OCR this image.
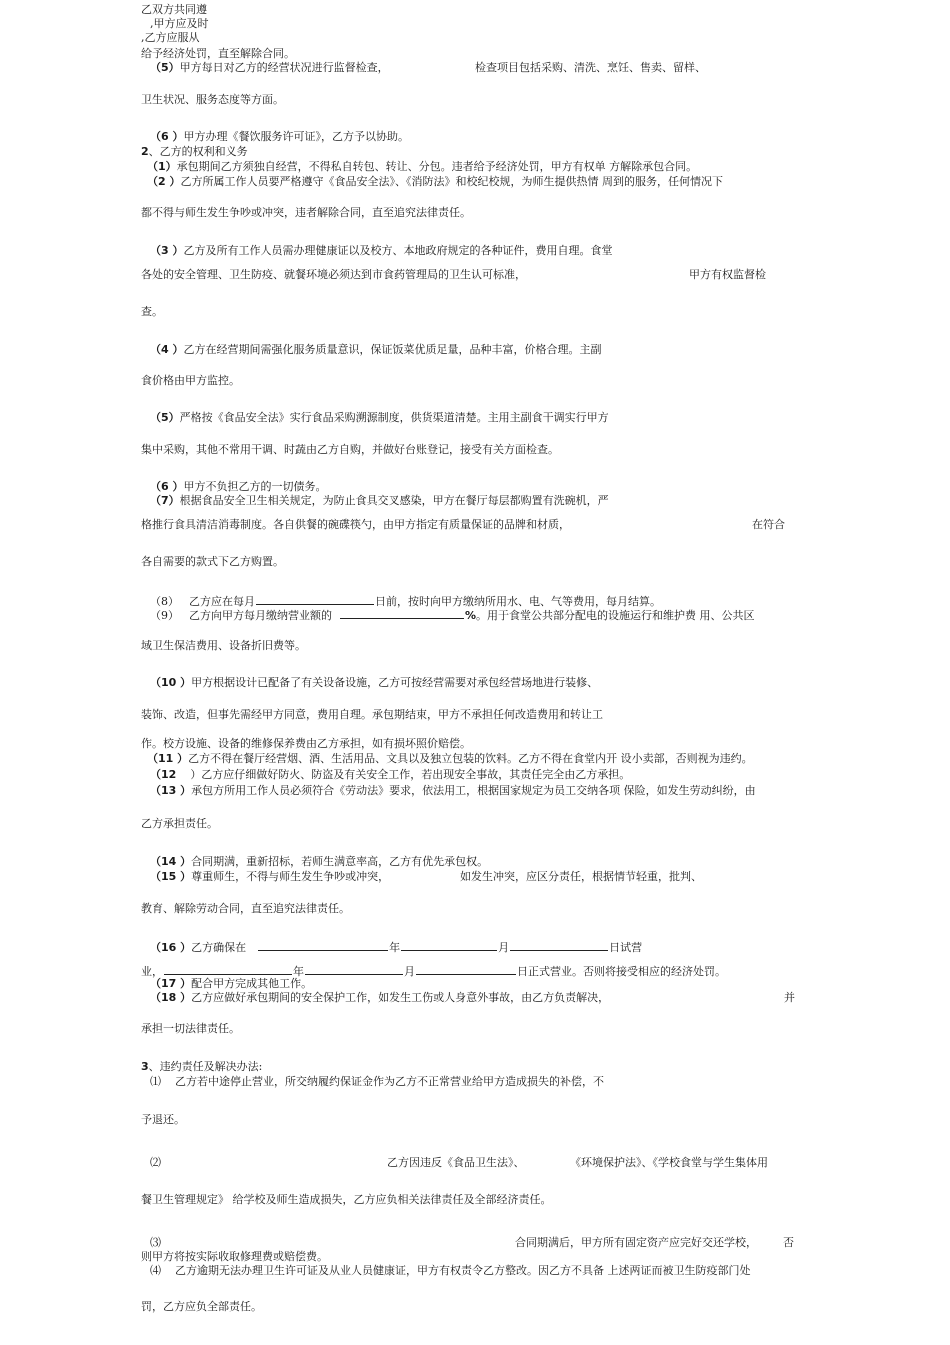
乙双方共同遵
,甲方应及时
,乙方应服从
给予经济处罚，直至解除合同。
（5）甲方每日对乙方的经营状况进行监督检查，	检查项目包括采购、清洗、烹饪、售卖、留样、
卫生状况、服务态度等方面。
（6 ）甲方办理《餐饮服务许可证》，乙方予以协助。
2、乙方的权利和义务
（1）承包期间乙方须独自经营，不得私自转包、转让、分包。违者给予经济处罚，甲方有权单 方解除承包合同。
（2 ）乙方所属工作人员要严格遵守《食品安全法》、《消防法》和校纪校规，为师生提供热情 周到的服务，任何情况下
都不得与师生发生争吵或冲突，违者解除合同，直至追究法律责任。
（3 ）乙方及所有工作人员需办理健康证以及校方、本地政府规定的各种证件，费用自理。食堂
各处的安全管理、卫生防疫、就餐环境必须达到市食药管理局的卫生认可标准，	甲方有权监督检
查。
（4 ）乙方在经营期间需强化服务质量意识，保证饭菜优质足量，品种丰富，价格合理。主副
食价格由甲方监控。
（5）严格按《食品安全法》实行食品采购溯源制度，供货渠道清楚。主用主副食干调实行甲方
集中采购，其他不常用干调、时蔬由乙方自购，并做好台账登记，接受有关方面检查。
（6 ）甲方不负担乙方的一切债务。
（7）根据食品安全卫生相关规定，为防止食具交叉感染，甲方在餐厅每层都购置有洗碗机，严
格推行食具清洁消毒制度。各自供餐的碗碟筷勺，由甲方指定有质量保证的品牌和材质，	在符合
各自需要的款式下乙方购置。
（8） 乙方应在每月	日前，按时向甲方缴纳所用水、电、气等费用，每月结算。
（9） 乙方向甲方每月缴纳营业额的	%。用于食堂公共部分配电的设施运行和维护费 用、公共区
域卫生保洁费用、设备折旧费等。
（10 ）甲方根据设计已配备了有关设备设施，乙方可按经营需要对承包经营场地进行装修、
装饰、改造，但事先需经甲方同意，费用自理。承包期结束，甲方不承担任何改造费用和转让工
作。校方设施、设备的维修保养费由乙方承担，如有损坏照价赔偿。
（11 ）乙方不得在餐厅经营烟、酒、生活用品、文具以及独立包装的饮料。乙方不得在食堂内开 设小卖部，否则视为违约。
（12 ）乙方应仔细做好防火、防盗及有关安全工作，若出现安全事故，其责任完全由乙方承担。
（13 ）承包方所用工作人员必须符合《劳动法》要求，依法用工，根据国家规定为员工交纳各项 保险，如发生劳动纠纷，由
乙方承担责任。
（14 ）合同期满，重新招标，若师生满意率高，乙方有优先承包权。
（15 ）尊重师生，不得与师生发生争吵或冲突，	如发生冲突，应区分责任，根据情节轻重，批判、
教育、解除劳动合同，直至追究法律责任。
（16 ）乙方确保在	年	月	日试营
业，	年	月	日正式营业。否则将接受相应的经济处罚。
（17 ）配合甲方完成其他工作。
（18 ）乙方应做好承包期间的安全保护工作，如发生工伤或人身意外事故，由乙方负责解决，	并
承担一切法律责任。
3、违约责任及解决办法:
⑴ 乙方若中途停止营业，所交纳履约保证金作为乙方不正常营业给甲方造成损失的补偿，不
予退还。
⑵	乙方因违反《食品卫生法》、	《环境保护法》、《学校食堂与学生集体用
餐卫生管理规定》 给学校及师生造成损失，乙方应负相关法律责任及全部经济责任。
⑶	合同期满后，甲方所有固定资产应完好交还学校， 否
则甲方将按实际收取修理费或赔偿费。
⑷ 乙方逾期无法办理卫生许可证及从业人员健康证，甲方有权责令乙方整改。因乙方不具备 上述两证而被卫生防疫部门处
罚，乙方应负全部责任。
